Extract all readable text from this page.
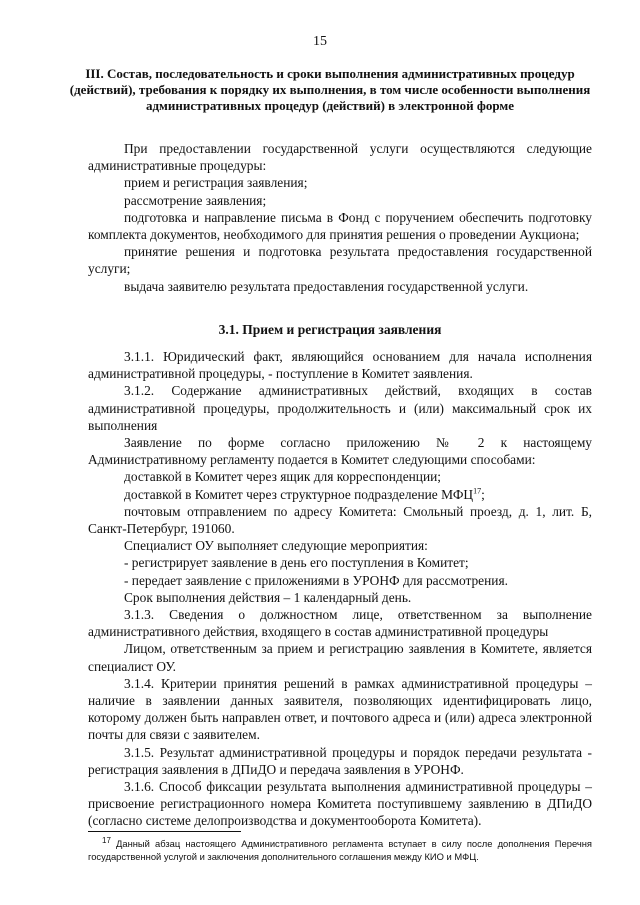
15
III. Состав, последовательность и сроки выполнения административных процедур (действий), требования к порядку их выполнения, в том числе особенности выполнения административных процедур (действий) в электронной форме

При предоставлении государственной услуги осуществляются следующие административные процедуры:

прием и регистрация заявления;

рассмотрение заявления;

подготовка и направление письма в Фонд с поручением обеспечить подготовку комплекта документов, необходимого для принятия решения о проведении Аукциона;

принятие решения и подготовка результата предоставления государственной услуги;

выдача заявителю результата предоставления государственной услуги.

3.1. Прием и регистрация заявления

3.1.1. Юридический факт, являющийся основанием для начала исполнения административной процедуры, - поступление в Комитет заявления.

3.1.2. Содержание административных действий, входящих в состав административной процедуры, продолжительность и (или) максимальный срок их выполнения

Заявление по форме согласно приложению № 2 к настоящему Административному регламенту подается в Комитет следующими способами:

доставкой в Комитет через ящик для корреспонденции;

доставкой в Комитет через структурное подразделение МФЦ$^{17}$;

почтовым отправлением по адресу Комитета: Смольный проезд, д. 1, лит. Б, Санкт-Петербург, 191060.

Специалист ОУ выполняет следующие мероприятия:

- регистрирует заявление в день его поступления в Комитет;

- передает заявление с приложениями в УРОНФ для рассмотрения.

Срок выполнения действия – 1 календарный день.

3.1.3. Сведения о должностном лице, ответственном за выполнение административного действия, входящего в состав административной процедуры

Лицом, ответственным за прием и регистрацию заявления в Комитете, является специалист ОУ.

3.1.4. Критерии принятия решений в рамках административной процедуры – наличие в заявлении данных заявителя, позволяющих идентифицировать лицо, которому должен быть направлен ответ, и почтового адреса и (или) адреса электронной почты для связи с заявителем.

3.1.5. Результат административной процедуры и порядок передачи результата - регистрация заявления в ДПиДО и передача заявления в УРОНФ.

3.1.6. Способ фиксации результата выполнения административной процедуры – присвоение регистрационного номера Комитета поступившему заявлению в ДПиДО (согласно системе делопроизводства и документооборота Комитета).

$^{17}$ Данный абзац настоящего Административного регламента вступает в силу после дополнения Перечня государственной услугой и заключения дополнительного соглашения между КИО и МФЦ.
